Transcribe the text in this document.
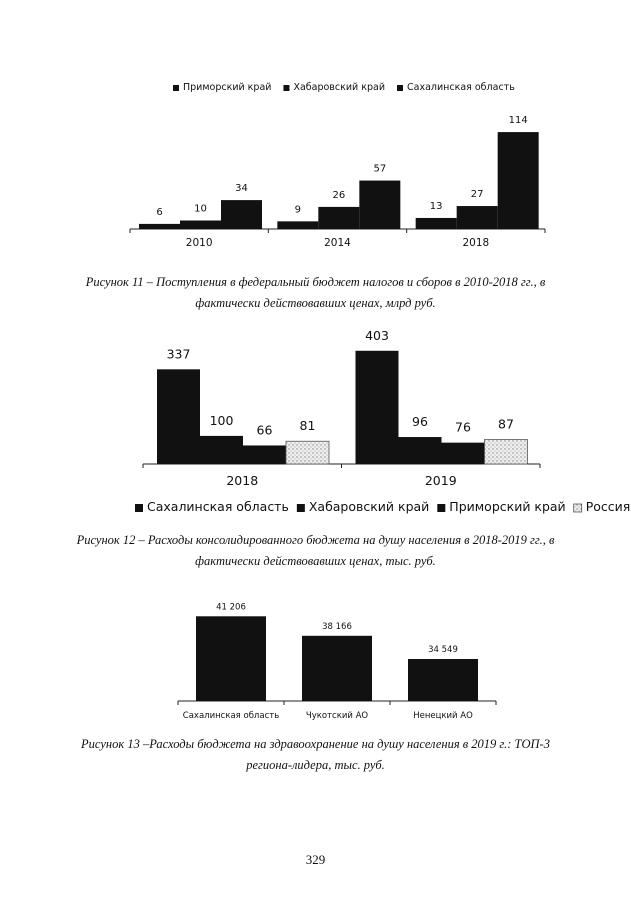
6	10
34
2010
9
26
57
2014
13
27
114
2018
Приморский край Хабаровский край Сахалинская область
Рисунок 11 – Поступления в федеральный бюджет налогов и сборов в 2010-2018 гг., в
фактически действовавших ценах, млрд руб.
337
100
66 81
2018
403
96 76 87
2019
Сахалинская область Хабаровский край Приморский край Россия
Рисунок 12 – Расходы консолидированного бюджета на душу населения в 2018-2019 гг., в
фактически действовавших ценах, тыс. руб.
41 206
Сахалинская область
38 166
Чукотский АО
34 549
Ненецкий АО
Рисунок 13 –Расходы бюджета на здравоохранение на душу населения в 2019 г.: ТОП-3
региона-лидера, тыс. руб.
329
